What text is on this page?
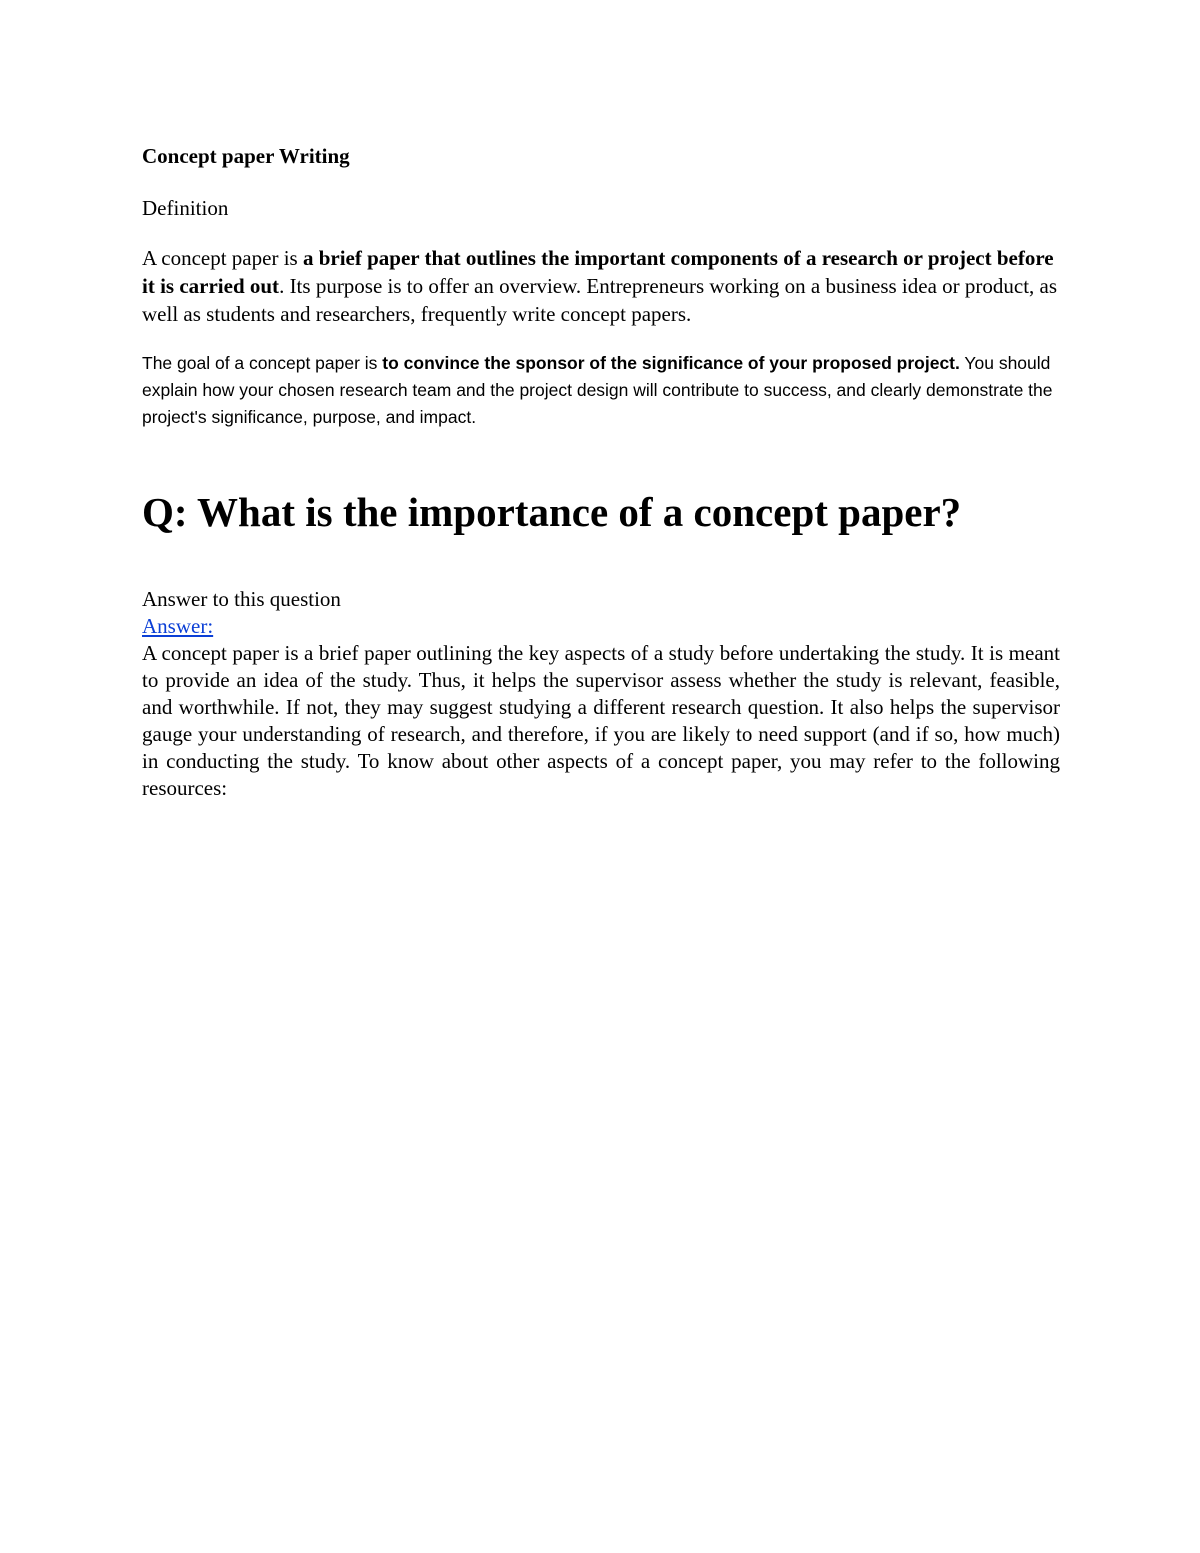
Concept paper Writing

Definition

A concept paper is a brief paper that outlines the important components of a research or project before it is carried out. Its purpose is to offer an overview. Entrepreneurs working on a business idea or product, as well as students and researchers, frequently write concept papers.

The goal of a concept paper is to convince the sponsor of the significance of your proposed project. You should explain how your chosen research team and the project design will contribute to success, and clearly demonstrate the project's significance, purpose, and impact.

Q: What is the importance of a concept paper?

Answer to this question

Answer:

A concept paper is a brief paper outlining the key aspects of a study before undertaking the study. It is meant to provide an idea of the study. Thus, it helps the supervisor assess whether the study is relevant, feasible, and worthwhile. If not, they may suggest studying a different research question. It also helps the supervisor gauge your understanding of research, and therefore, if you are likely to need support (and if so, how much) in conducting the study. To know about other aspects of a concept paper, you may refer to the following resources:
